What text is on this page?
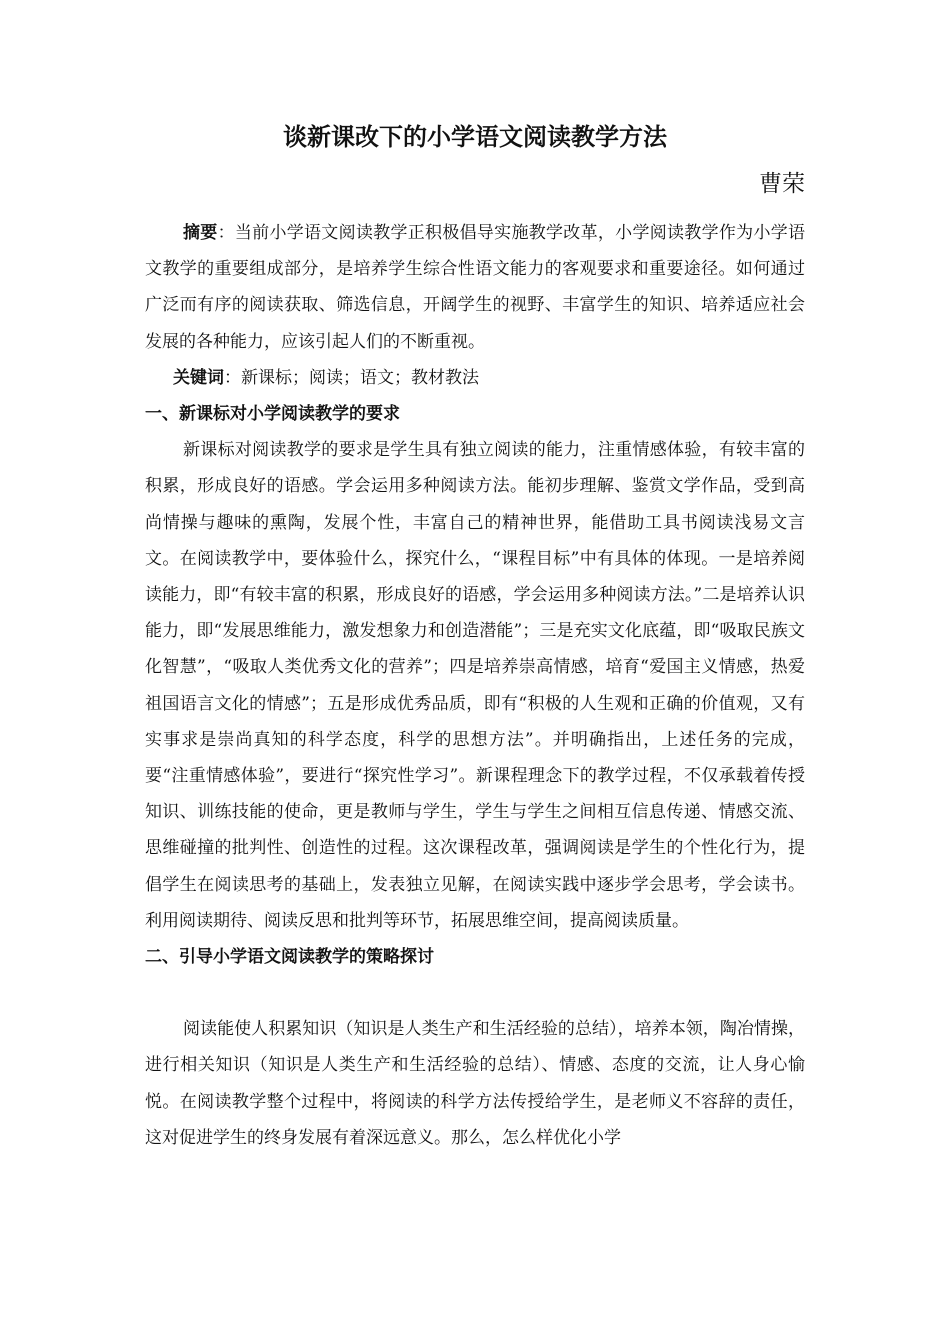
谈新课改下的小学语文阅读教学方法
曹荣

摘要：当前小学语文阅读教学正积极倡导实施教学改革，小学阅读教学作为小学语文教学的重要组成部分，是培养学生综合性语文能力的客观要求和重要途径。如何通过广泛而有序的阅读获取、筛选信息，开阔学生的视野、丰富学生的知识、培养适应社会发展的各种能力，应该引起人们的不断重视。

关键词：新课标；阅读；语文；教材教法

一、新课标对小学阅读教学的要求

新课标对阅读教学的要求是学生具有独立阅读的能力，注重情感体验，有较丰富的积累，形成良好的语感。学会运用多种阅读方法。能初步理解、鉴赏文学作品，受到高尚情操与趣味的熏陶，发展个性，丰富自己的精神世界，能借助工具书阅读浅易文言文。在阅读教学中，要体验什么，探究什么，“课程目标”中有具体的体现。一是培养阅读能力，即“有较丰富的积累，形成良好的语感，学会运用多种阅读方法。”二是培养认识能力，即“发展思维能力，激发想象力和创造潜能”；三是充实文化底蕴，即“吸取民族文化智慧”，“吸取人类优秀文化的营养”；四是培养崇高情感，培育“爱国主义情感，热爱祖国语言文化的情感”；五是形成优秀品质，即有“积极的人生观和正确的价值观，又有实事求是崇尚真知的科学态度，科学的思想方法”。并明确指出，上述任务的完成，要“注重情感体验”，要进行“探究性学习”。新课程理念下的教学过程，不仅承载着传授知识、训练技能的使命，更是教师与学生，学生与学生之间相互信息传递、情感交流、思维碰撞的批判性、创造性的过程。这次课程改革，强调阅读是学生的个性化行为，提倡学生在阅读思考的基础上，发表独立见解，在阅读实践中逐步学会思考，学会读书。利用阅读期待、阅读反思和批判等环节，拓展思维空间，提高阅读质量。

二、引导小学语文阅读教学的策略探讨

阅读能使人积累知识（知识是人类生产和生活经验的总结），培养本领，陶冶情操，进行相关知识（知识是人类生产和生活经验的总结）、情感、态度的交流，让人身心愉悦。在阅读教学整个过程中，将阅读的科学方法传授给学生，是老师义不容辞的责任，这对促进学生的终身发展有着深远意义。那么，怎么样优化小学
